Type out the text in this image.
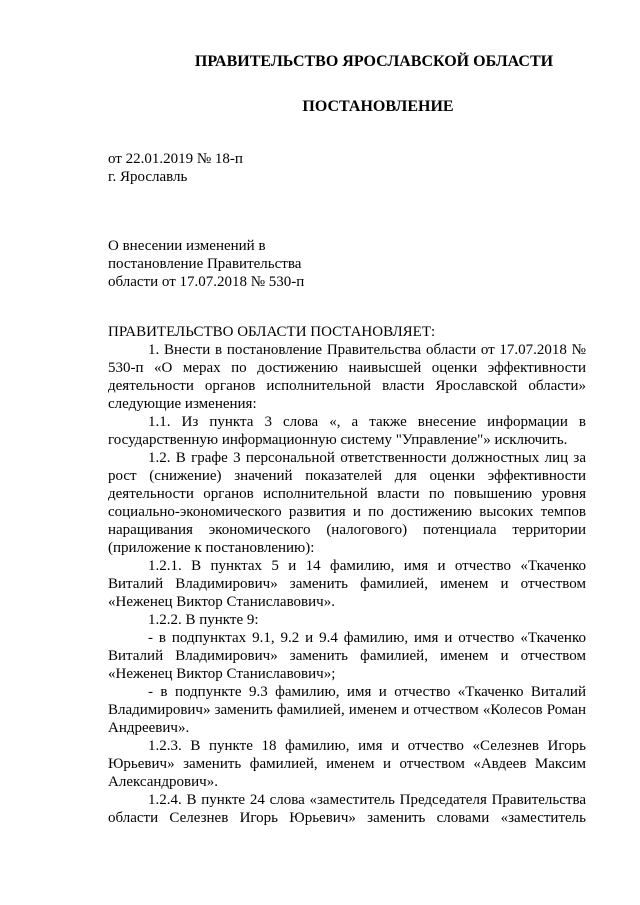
ПРАВИТЕЛЬСТВО ЯРОСЛАВСКОЙ ОБЛАСТИ
ПОСТАНОВЛЕНИЕ
от 22.01.2019 № 18-п
г. Ярославль
О внесении изменений в
постановление Правительства
области от 17.07.2018 № 530-п

ПРАВИТЕЛЬСТВО ОБЛАСТИ ПОСТАНОВЛЯЕТ:

1. Внести в постановление Правительства области от 17.07.2018 № 530-п «О мерах по достижению наивысшей оценки эффективности деятельности органов исполнительной власти Ярославской области» следующие изменения:

1.1. Из пункта 3 слова «, а также внесение информации в государственную информационную систему "Управление"» исключить.

1.2. В графе 3 персональной ответственности должностных лиц за рост (снижение) значений показателей для оценки эффективности деятельности органов исполнительной власти по повышению уровня социально-экономического развития и по достижению высоких темпов наращивания экономического (налогового) потенциала территории (приложение к постановлению):

1.2.1. В пунктах 5 и 14 фамилию, имя и отчество «Ткаченко Виталий Владимирович» заменить фамилией, именем и отчеством «Неженец Виктор Станиславович».

1.2.2. В пункте 9:

- в подпунктах 9.1, 9.2 и 9.4 фамилию, имя и отчество «Ткаченко Виталий Владимирович» заменить фамилией, именем и отчеством «Неженец Виктор Станиславович»;

- в подпункте 9.3 фамилию, имя и отчество «Ткаченко Виталий Владимирович» заменить фамилией, именем и отчеством «Колесов Роман Андреевич».

1.2.3. В пункте 18 фамилию, имя и отчество «Селезнев Игорь Юрьевич» заменить фамилией, именем и отчеством «Авдеев Максим Александрович».

1.2.4. В пункте 24 слова «заместитель Председателя Правительства области Селезнев Игорь Юрьевич» заменить словами «заместитель
